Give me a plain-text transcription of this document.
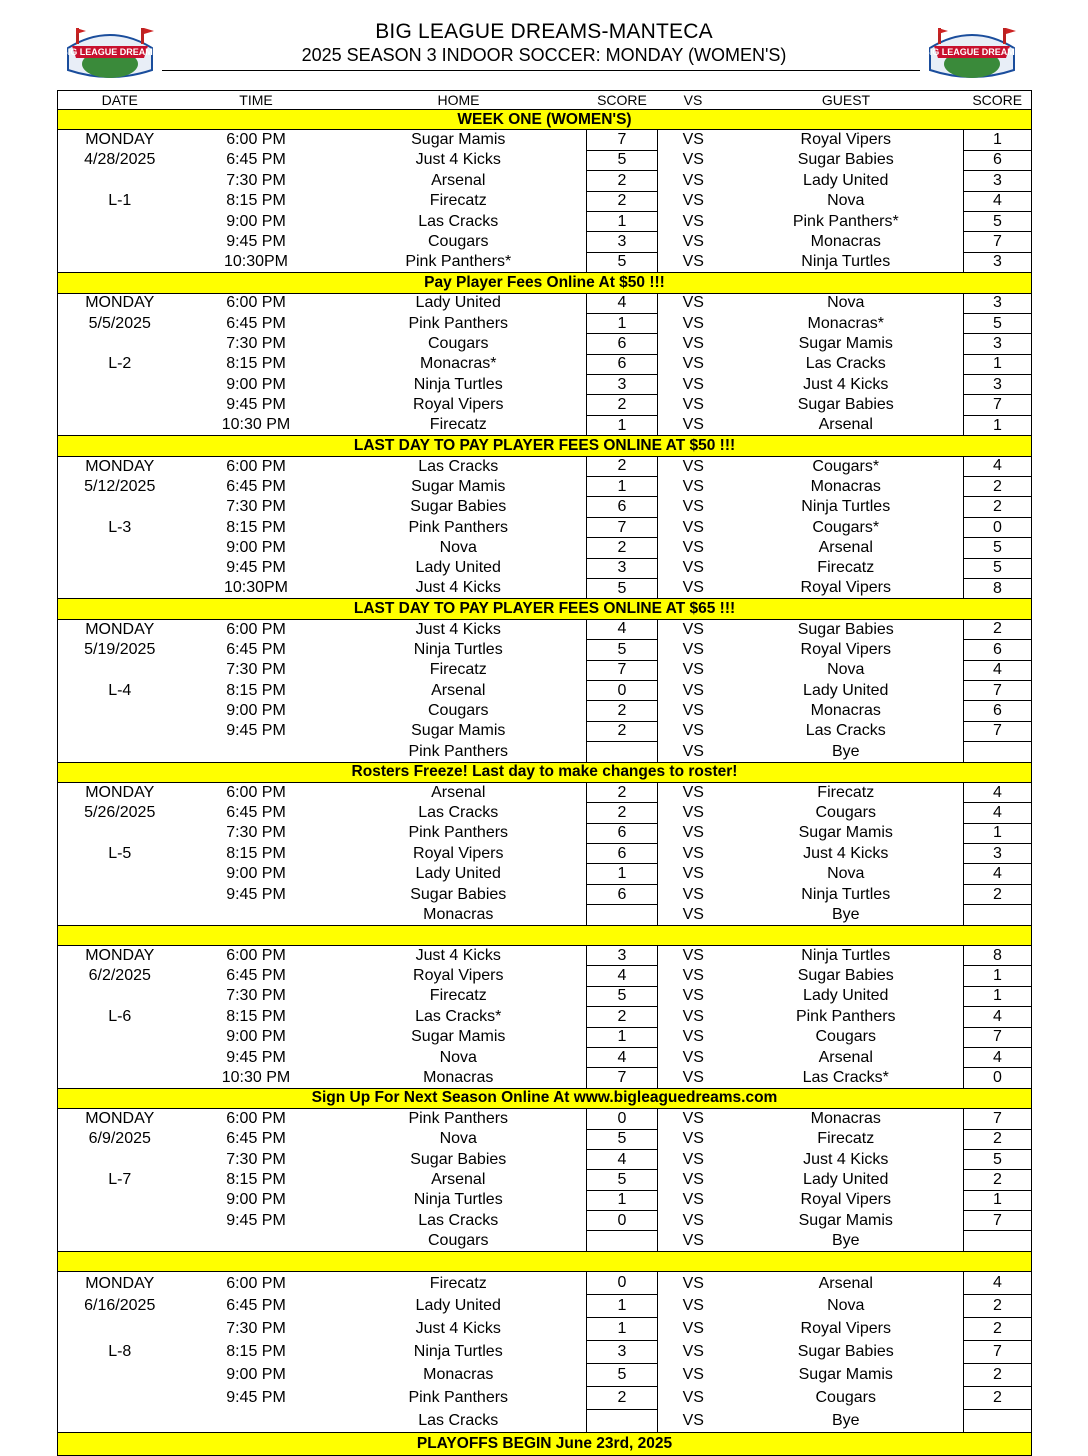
BIG LEAGUE DREAMS
BIG LEAGUE DREAMS-MANTECA
2025 SEASON 3 INDOOR SOCCER: MONDAY (WOMEN'S)	BIG LEAGUE DREAMS
DATE	TIME	HOME	SCORE	VS	GUEST	SCORE
WEEK ONE (WOMEN'S)						
MONDAY	6:00 PM	Sugar Mamis	7	VS	Royal Vipers	1
4/28/2025	6:45 PM	Just 4 Kicks	5	VS	Sugar Babies	6
	7:30 PM	Arsenal	2	VS	Lady United	3
L-1	8:15 PM	Firecatz	2	VS	Nova	4
	9:00 PM	Las Cracks	1	VS	Pink Panthers*	5
	9:45 PM	Cougars	3	VS	Monacras	7
	10:30PM	Pink Panthers*	5	VS	Ninja Turtles	3
Pay Player Fees Online At $50 !!!						
MONDAY	6:00 PM	Lady United	4	VS	Nova	3
5/5/2025	6:45 PM	Pink Panthers	1	VS	Monacras*	5
	7:30 PM	Cougars	6	VS	Sugar Mamis	3
L-2	8:15 PM	Monacras*	6	VS	Las Cracks	1
	9:00 PM	Ninja Turtles	3	VS	Just 4 Kicks	3
	9:45 PM	Royal Vipers	2	VS	Sugar Babies	7
	10:30 PM	Firecatz	1	VS	Arsenal	1
LAST DAY TO PAY PLAYER FEES ONLINE AT $50 !!!						
MONDAY	6:00 PM	Las Cracks	2	VS	Cougars*	4
5/12/2025	6:45 PM	Sugar Mamis	1	VS	Monacras	2
	7:30 PM	Sugar Babies	6	VS	Ninja Turtles	2
L-3	8:15 PM	Pink Panthers	7	VS	Cougars*	0
	9:00 PM	Nova	2	VS	Arsenal	5
	9:45 PM	Lady United	3	VS	Firecatz	5
	10:30PM	Just 4 Kicks	5	VS	Royal Vipers	8
LAST DAY TO PAY PLAYER FEES ONLINE AT $65 !!!						
MONDAY	6:00 PM	Just 4 Kicks	4	VS	Sugar Babies	2
5/19/2025	6:45 PM	Ninja Turtles	5	VS	Royal Vipers	6
	7:30 PM	Firecatz	7	VS	Nova	4
L-4	8:15 PM	Arsenal	0	VS	Lady United	7
	9:00 PM	Cougars	2	VS	Monacras	6
	9:45 PM	Sugar Mamis	2	VS	Las Cracks	7
		Pink Panthers		VS	Bye	
Rosters Freeze! Last day to make changes to roster!						
MONDAY	6:00 PM	Arsenal	2	VS	Firecatz	4
5/26/2025	6:45 PM	Las Cracks	2	VS	Cougars	4
	7:30 PM	Pink Panthers	6	VS	Sugar Mamis	1
L-5	8:15 PM	Royal Vipers	6	VS	Just 4 Kicks	3
	9:00 PM	Lady United	1	VS	Nova	4
	9:45 PM	Sugar Babies	6	VS	Ninja Turtles	2
		Monacras		VS	Bye	

MONDAY	6:00 PM	Just 4 Kicks	3	VS	Ninja Turtles	8
6/2/2025	6:45 PM	Royal Vipers	4	VS	Sugar Babies	1
	7:30 PM	Firecatz	5	VS	Lady United	1
L-6	8:15 PM	Las Cracks*	2	VS	Pink Panthers	4
	9:00 PM	Sugar Mamis	1	VS	Cougars	7
	9:45 PM	Nova	4	VS	Arsenal	4
	10:30 PM	Monacras	7	VS	Las Cracks*	0
Sign Up For Next Season Online At www.bigleaguedreams.com						
MONDAY	6:00 PM	Pink Panthers	0	VS	Monacras	7
6/9/2025	6:45 PM	Nova	5	VS	Firecatz	2
	7:30 PM	Sugar Babies	4	VS	Just 4 Kicks	5
L-7	8:15 PM	Arsenal	5	VS	Lady United	2
	9:00 PM	Ninja Turtles	1	VS	Royal Vipers	1
	9:45 PM	Las Cracks	0	VS	Sugar Mamis	7
		Cougars		VS	Bye	

MONDAY	6:00 PM	Firecatz	0	VS	Arsenal	4
6/16/2025	6:45 PM	Lady United	1	VS	Nova	2
	7:30 PM	Just 4 Kicks	1	VS	Royal Vipers	2
L-8	8:15 PM	Ninja Turtles	3	VS	Sugar Babies	7
	9:00 PM	Monacras	5	VS	Sugar Mamis	2
	9:45 PM	Pink Panthers	2	VS	Cougars	2
		Las Cracks		VS	Bye	
PLAYOFFS BEGIN June 23rd, 2025						
